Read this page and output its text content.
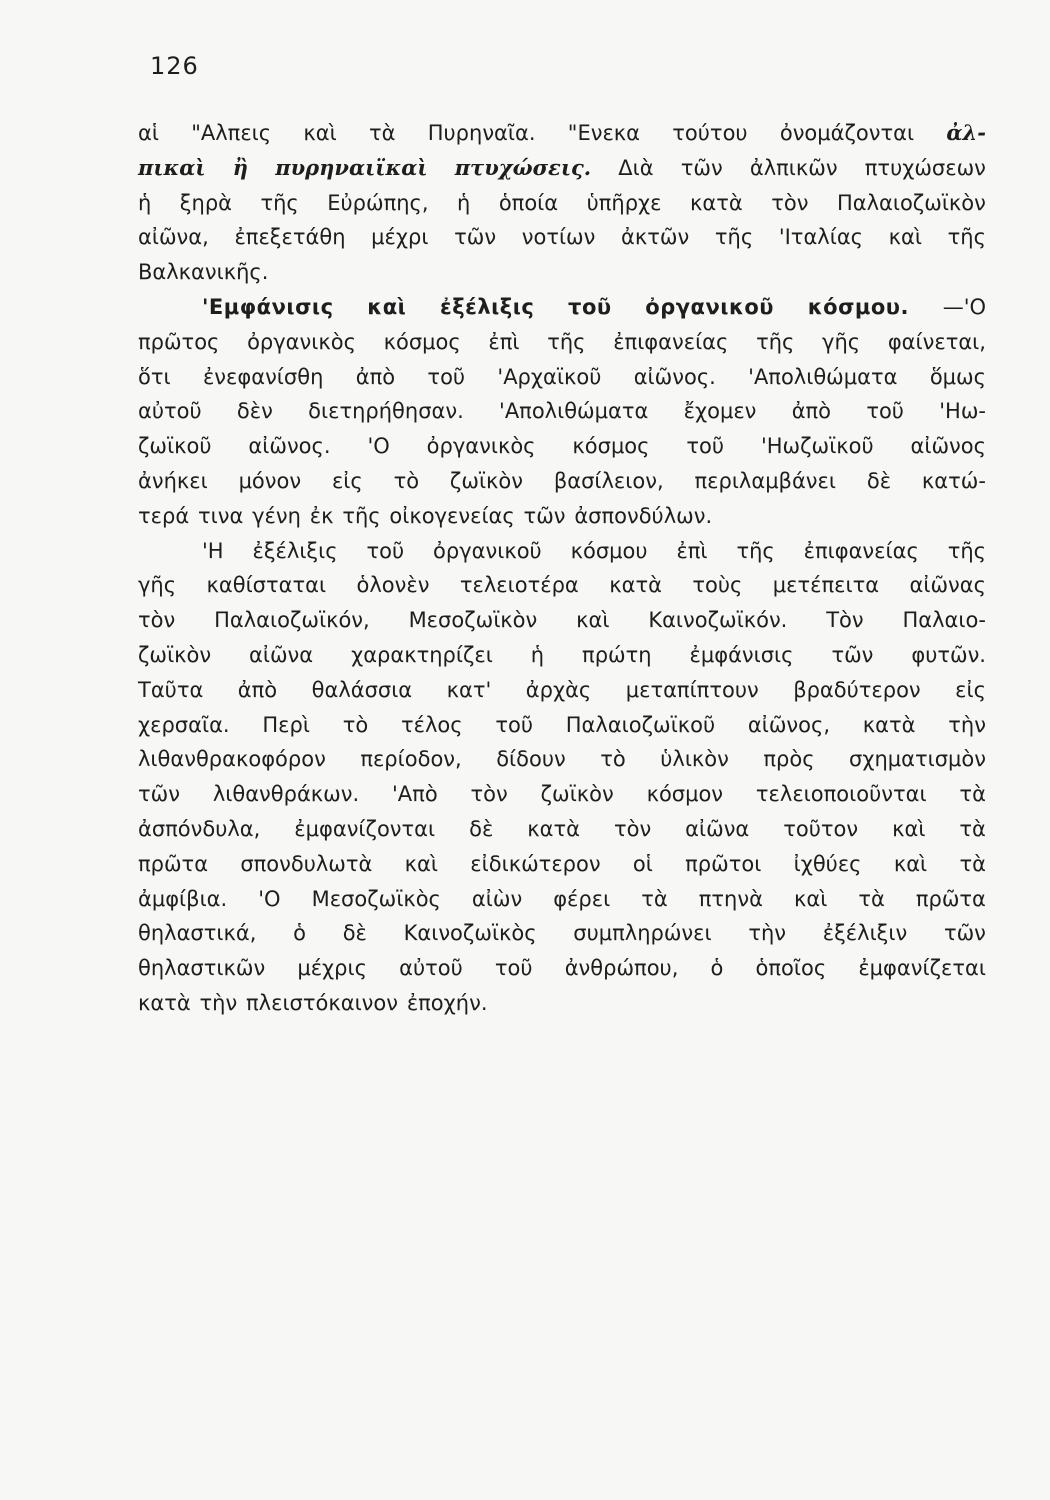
126
αἱ "Αλπεις καὶ τὰ Πυρηναῖα. "Ενεκα τούτου ὀνομάζονται ἀλ-
πικαὶ ἢ πυρηναιϊκαὶ πτυχώσεις. Διὰ τῶν ἀλπικῶν πτυχώσεων
ἡ ξηρὰ τῆς Εὐρώπης, ἡ ὁποία ὑπῆρχε κατὰ τὸν Παλαιοζωϊκὸν
αἰῶνα, ἐπεξετάθη μέχρι τῶν νοτίων ἀκτῶν τῆς 'Ιταλίας καὶ τῆς
Βαλκανικῆς.
'Εμφάνισις καὶ ἐξέλιξις τοῦ ὀργανικοῦ κόσμου. —'Ο
πρῶτος ὀργανικὸς κόσμος ἐπὶ τῆς ἐπιφανείας τῆς γῆς φαίνεται,
ὅτι ἐνεφανίσθη ἀπὸ τοῦ 'Αρχαϊκοῦ αἰῶνος. 'Απολιθώματα ὅμως
αὐτοῦ δὲν διετηρήθησαν. 'Απολιθώματα ἔχομεν ἀπὸ τοῦ 'Ηω-
ζωϊκοῦ αἰῶνος. 'Ο ὀργανικὸς κόσμος τοῦ 'Ηωζωϊκοῦ αἰῶνος
ἀνήκει μόνον εἰς τὸ ζωϊκὸν βασίλειον, περιλαμβάνει δὲ κατώ-
τερά τινα γένη ἐκ τῆς οἰκογενείας τῶν ἀσπονδύλων.
'Η ἐξέλιξις τοῦ ὀργανικοῦ κόσμου ἐπὶ τῆς ἐπιφανείας τῆς
γῆς καθίσταται ὁλονὲν τελειοτέρα κατὰ τοὺς μετέπειτα αἰῶνας
τὸν Παλαιοζωϊκόν, Μεσοζωϊκὸν καὶ Καινοζωϊκόν. Τὸν Παλαιο-
ζωϊκὸν αἰῶνα χαρακτηρίζει ἡ πρώτη ἐμφάνισις τῶν φυτῶν.
Ταῦτα ἀπὸ θαλάσσια κατ' ἀρχὰς μεταπίπτουν βραδύτερον εἰς
χερσαῖα. Περὶ τὸ τέλος τοῦ Παλαιοζωϊκοῦ αἰῶνος, κατὰ τὴν
λιθανθρακοφόρον περίοδον, δίδουν τὸ ὑλικὸν πρὸς σχηματισμὸν
τῶν λιθανθράκων. 'Απὸ τὸν ζωϊκὸν κόσμον τελειοποιοῦνται τὰ
ἀσπόνδυλα, ἐμφανίζονται δὲ κατὰ τὸν αἰῶνα τοῦτον καὶ τὰ
πρῶτα σπονδυλωτὰ καὶ εἰδικώτερον οἱ πρῶτοι ἰχθύες καὶ τὰ
ἀμφίβια. 'Ο Μεσοζωϊκὸς αἰὼν φέρει τὰ πτηνὰ καὶ τὰ πρῶτα
θηλαστικά, ὁ δὲ Καινοζωϊκὸς συμπληρώνει τὴν ἐξέλιξιν τῶν
θηλαστικῶν μέχρις αὐτοῦ τοῦ ἀνθρώπου, ὁ ὁποῖος ἐμφανίζεται
κατὰ τὴν πλειστόκαινον ἐποχήν.
